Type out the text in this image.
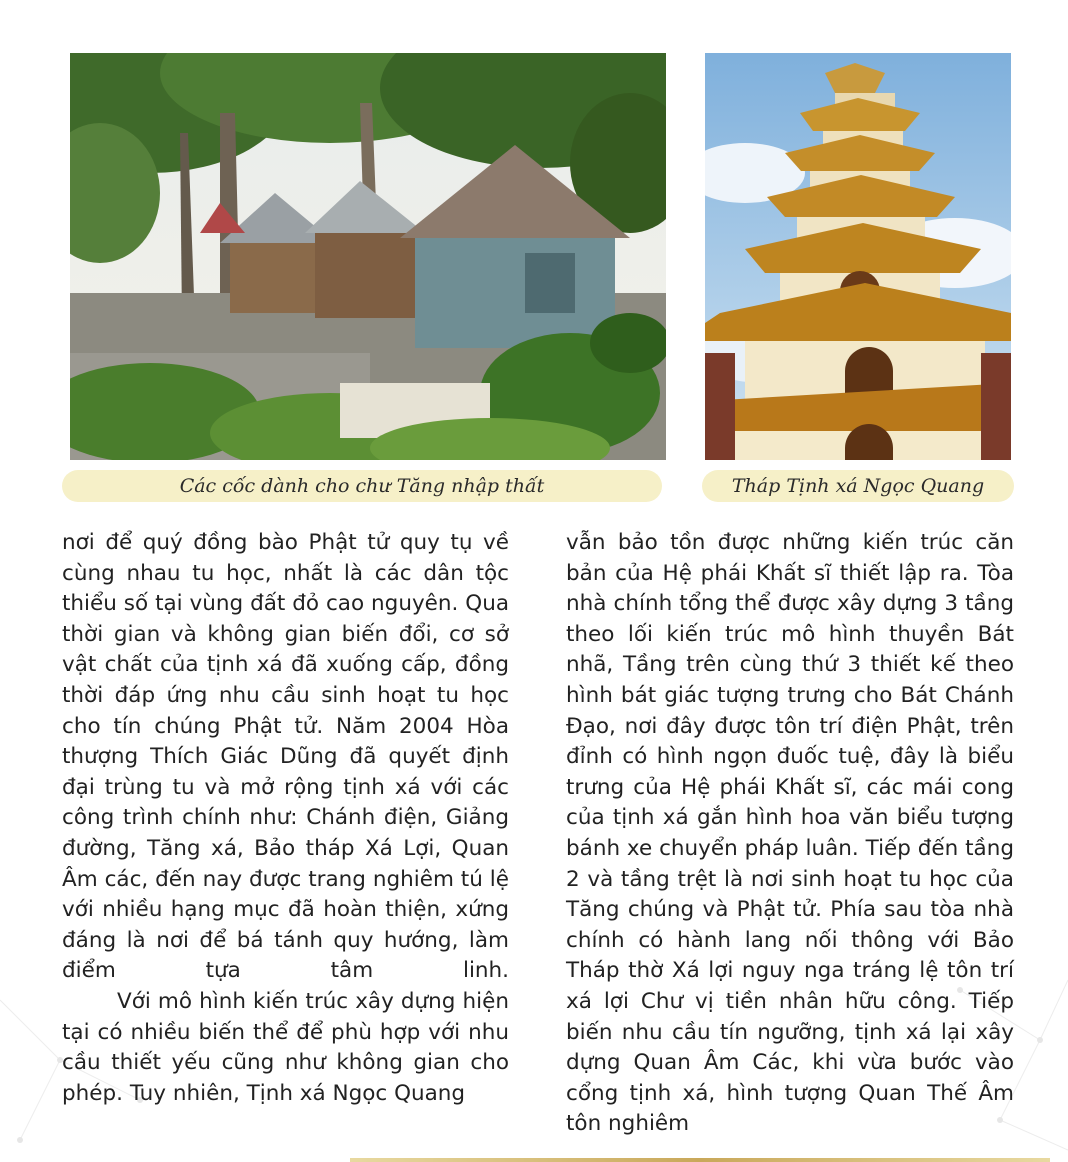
Các cốc dành cho chư Tăng nhập thất	Tháp Tịnh xá Ngọc Quang

nơi để quý đồng bào Phật tử quy tụ về cùng nhau tu học, nhất là các dân tộc thiểu số tại vùng đất đỏ cao nguyên. Qua thời gian và không gian biến đổi, cơ sở vật chất của tịnh xá đã xuống cấp, đồng thời đáp ứng nhu cầu sinh hoạt tu học cho tín chúng Phật tử. Năm 2004 Hòa thượng Thích Giác Dũng đã quyết định đại trùng tu và mở rộng tịnh xá với các công trình chính như: Chánh điện, Giảng đường, Tăng xá, Bảo tháp Xá Lợi, Quan Âm các, đến nay được trang nghiêm tú lệ với nhiều hạng mục đã hoàn thiện, xứng đáng là nơi để bá tánh quy hướng, làm điểm tựa tâm linh.

Với mô hình kiến trúc xây dựng hiện tại có nhiều biến thể để phù hợp với nhu cầu thiết yếu cũng như không gian cho phép. Tuy nhiên, Tịnh xá Ngọc Quang

vẫn bảo tồn được những kiến trúc căn bản của Hệ phái Khất sĩ thiết lập ra. Tòa nhà chính tổng thể được xây dựng 3 tầng theo lối kiến trúc mô hình thuyền Bát nhã, Tầng trên cùng thứ 3 thiết kế theo hình bát giác tượng trưng cho Bát Chánh Đạo, nơi đây được tôn trí điện Phật, trên đỉnh có hình ngọn đuốc tuệ, đây là biểu trưng của Hệ phái Khất sĩ, các mái cong của tịnh xá gắn hình hoa văn biểu tượng bánh xe chuyển pháp luân. Tiếp đến tầng 2 và tầng trệt là nơi sinh hoạt tu học của Tăng chúng và Phật tử. Phía sau tòa nhà chính có hành lang nối thông với Bảo Tháp thờ Xá lợi nguy nga tráng lệ tôn trí xá lợi Chư vị tiền nhân hữu công. Tiếp biến nhu cầu tín ngưỡng, tịnh xá lại xây dựng Quan Âm Các, khi vừa bước vào cổng tịnh xá, hình tượng Quan Thế Âm tôn nghiêm
